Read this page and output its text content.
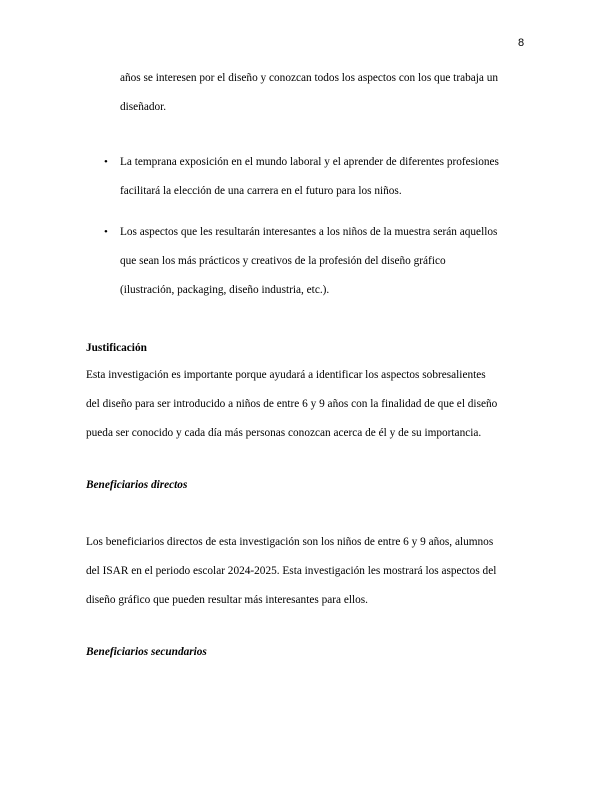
8
años se interesen por el diseño y conozcan todos los aspectos con los que trabaja un
diseñador.
• La temprana exposición en el mundo laboral y el aprender de diferentes profesiones
facilitará la elección de una carrera en el futuro para los niños.
• Los aspectos que les resultarán interesantes a los niños de la muestra serán aquellos
que sean los más prácticos y creativos de la profesión del diseño gráfico
(ilustración, packaging, diseño industria, etc.).
Justificación
Esta investigación es importante porque ayudará a identificar los aspectos sobresalientes
del diseño para ser introducido a niños de entre 6 y 9 años con la finalidad de que el diseño
pueda ser conocido y cada día más personas conozcan acerca de él y de su importancia.
Beneficiarios directos
Los beneficiarios directos de esta investigación son los niños de entre 6 y 9 años, alumnos
del ISAR en el periodo escolar 2024-2025. Esta investigación les mostrará los aspectos del
diseño gráfico que pueden resultar más interesantes para ellos.
Beneficiarios secundarios
